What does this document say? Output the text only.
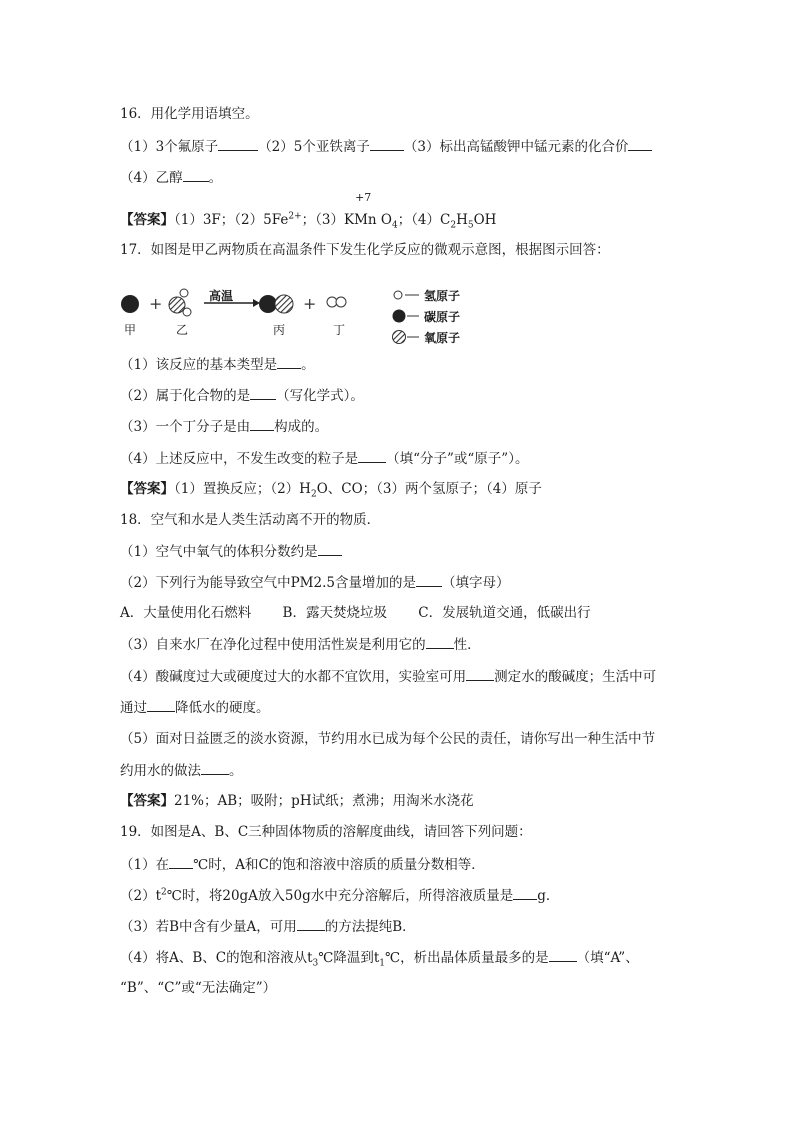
16．用化学用语填空。
（1）3个氟原子	（2）5个亚铁离子	（3）标出高锰酸钾中锰元素的化合价
（4）乙醇 。
【答案】（1）3F；$(2)5Fe^{2+}$；（3）K
+7
Mn $O_4$；$(4)C_2H_5OH$
17．如图是甲乙两物质在高温条件下发生化学反应的微观示意图，根据图示回答：
+	+
高温
甲	乙	丙	丁
氢原子
碳原子
氧原子
（1）该反应的基本类型是 。
（2）属于化合物的是 （写化学式）。
（3）一个丁分子是由 构成的。
（4）上述反应中，不发生改变的粒子是 （填“分子”或“原子”）。
【答案】（1）置换反应；$(2)H_2O$、CO；（3）两个氢原子；（4）原子
18．空气和水是人类生活动离不开的物质．
（1）空气中氧气的体积分数约是
（2）下列行为能导致空气中PM2.5含量增加的是 （填字母）
A．大量使用化石燃料　　 B．露天焚烧垃圾　　 C．发展轨道交通，低碳出行
（3）自来水厂在净化过程中使用活性炭是利用它的 性．
（4）酸碱度过大或硬度过大的水都不宜饮用，实验室可用 测定水的酸碱度；生活中可
通过 降低水的硬度。
（5）面对日益匮乏的淡水资源，节约用水已成为每个公民的责任，请你写出一种生活中节
约用水的做法 。
【答案】21%；AB；吸附；pH试纸；煮沸；用淘米水浇花
19．如图是A、B、C三种固体物质的溶解度曲线，请回答下列问题：
（1）在 ℃时，A和C的饱和溶液中溶质的质量分数相等．
$(2)t^2℃$时，将20gA放入50g水中充分溶解后，所得溶液质量是 g．
（3）若B中含有少量A，可用 的方法提纯B．
（4）将A、B、C的饱和溶液从$t_3℃$降温到$t_1℃$，析出晶体质量最多的是 （填“A”、
“B”、“C”或“无法确定”）
